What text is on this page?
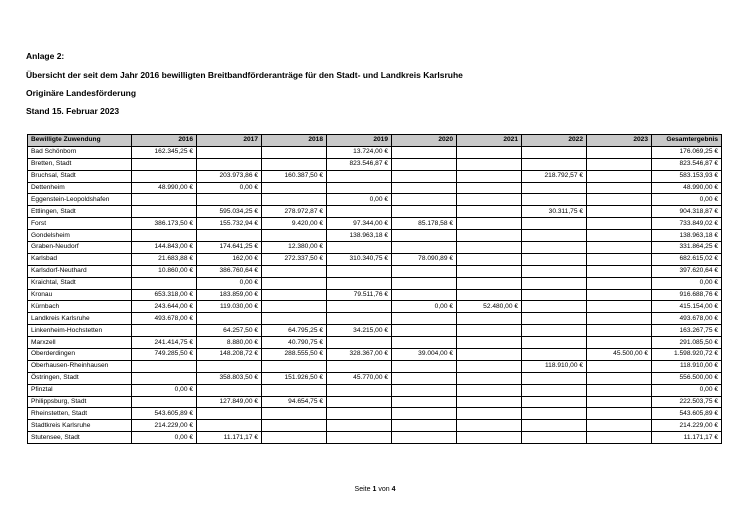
Anlage 2:

Übersicht der seit dem Jahr 2016 bewilligten Breitbandförderanträge für den Stadt- und Landkreis Karlsruhe

Originäre Landesförderung

Stand 15. Februar 2023

Bewilligte Zuwendung	2016	2017	2018	2019	2020	2021	2022	2023	Gesamtergebnis
Bad Schönborn	162.345,25 €			13.724,00 €					176.069,25 €
Bretten, Stadt				823.546,87 €					823.546,87 €
Bruchsal, Stadt		203.973,86 €	160.387,50 €				218.792,57 €		583.153,93 €
Dettenheim	48.990,00 €	0,00 €							48.990,00 €
Eggenstein-Leopoldshafen				0,00 €					0,00 €
Ettlingen, Stadt		595.034,25 €	278.972,87 €				30.311,75 €		904.318,87 €
Forst	386.173,50 €	155.732,94 €	9.420,00 €	97.344,00 €	85.178,58 €				733.849,02 €
Gondelsheim				138.963,18 €					138.963,18 €
Graben-Neudorf	144.843,00 €	174.641,25 €	12.380,00 €						331.864,25 €
Karlsbad	21.683,88 €	162,00 €	272.337,50 €	310.340,75 €	78.090,89 €				682.615,02 €
Karlsdorf-Neuthard	10.860,00 €	386.760,64 €							397.620,64 €
Kraichtal, Stadt		0,00 €							0,00 €
Kronau	653.318,00 €	183.859,00 €		79.511,76 €					916.688,76 €
Kürnbach	243.644,00 €	119.030,00 €			0,00 €	52.480,00 €			415.154,00 €
Landkreis Karlsruhe	493.678,00 €								493.678,00 €
Linkenheim-Hochstetten		64.257,50 €	64.795,25 €	34.215,00 €					163.267,75 €
Marxzell	241.414,75 €	8.880,00 €	40.790,75 €						291.085,50 €
Oberderdingen	749.285,50 €	148.208,72 €	288.555,50 €	328.367,00 €	39.004,00 €			45.500,00 €	1.598.920,72 €
Oberhausen-Rheinhausen							118.910,00 €		118.910,00 €
Östringen, Stadt		358.803,50 €	151.926,50 €	45.770,00 €					556.500,00 €
Pfinztal	0,00 €								0,00 €
Philippsburg, Stadt		127.849,00 €	94.654,75 €						222.503,75 €
Rheinstetten, Stadt	543.605,89 €								543.605,89 €
Stadtkreis Karlsruhe	214.229,00 €								214.229,00 €
Stutensee, Stadt	0,00 €	11.171,17 €							11.171,17 €
Seite 1 von 4
